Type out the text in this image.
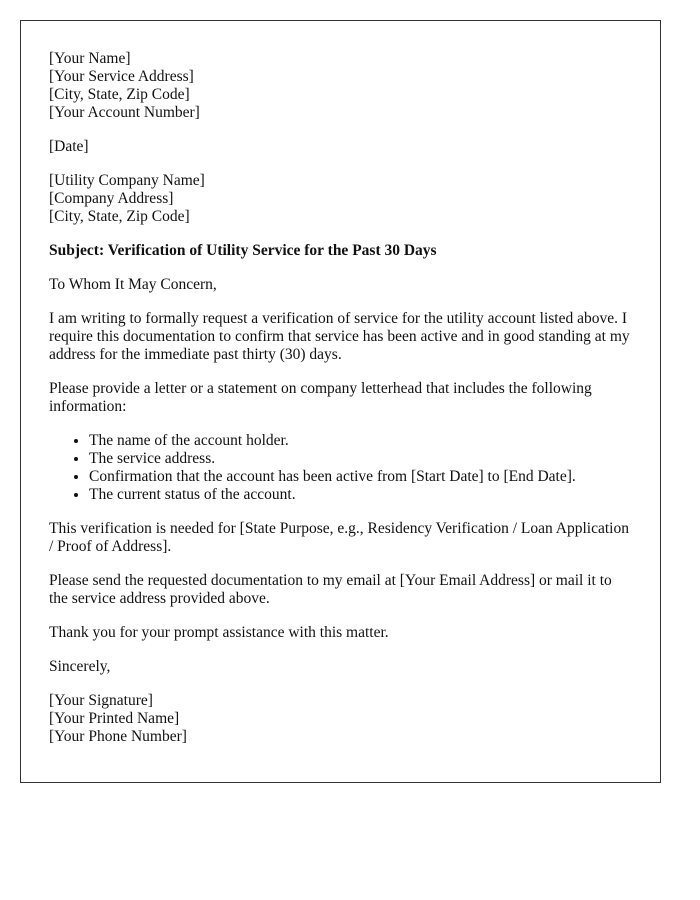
[Your Name]
[Your Service Address]
[City, State, Zip Code]
[Your Account Number]
[Date]
[Utility Company Name]
[Company Address]
[City, State, Zip Code]

Subject: Verification of Utility Service for the Past 30 Days

To Whom It May Concern,

I am writing to formally request a verification of service for the utility account listed above. I require this documentation to confirm that service has been active and in good standing at my address for the immediate past thirty (30) days.

Please provide a letter or a statement on company letterhead that includes the following information:

• The name of the account holder.
• The service address.
• Confirmation that the account has been active from [Start Date] to [End Date].
• The current status of the account.

This verification is needed for [State Purpose, e.g., Residency Verification / Loan Application / Proof of Address].

Please send the requested documentation to my email at [Your Email Address] or mail it to the service address provided above.

Thank you for your prompt assistance with this matter.

Sincerely,

[Your Signature]
[Your Printed Name]
[Your Phone Number]
